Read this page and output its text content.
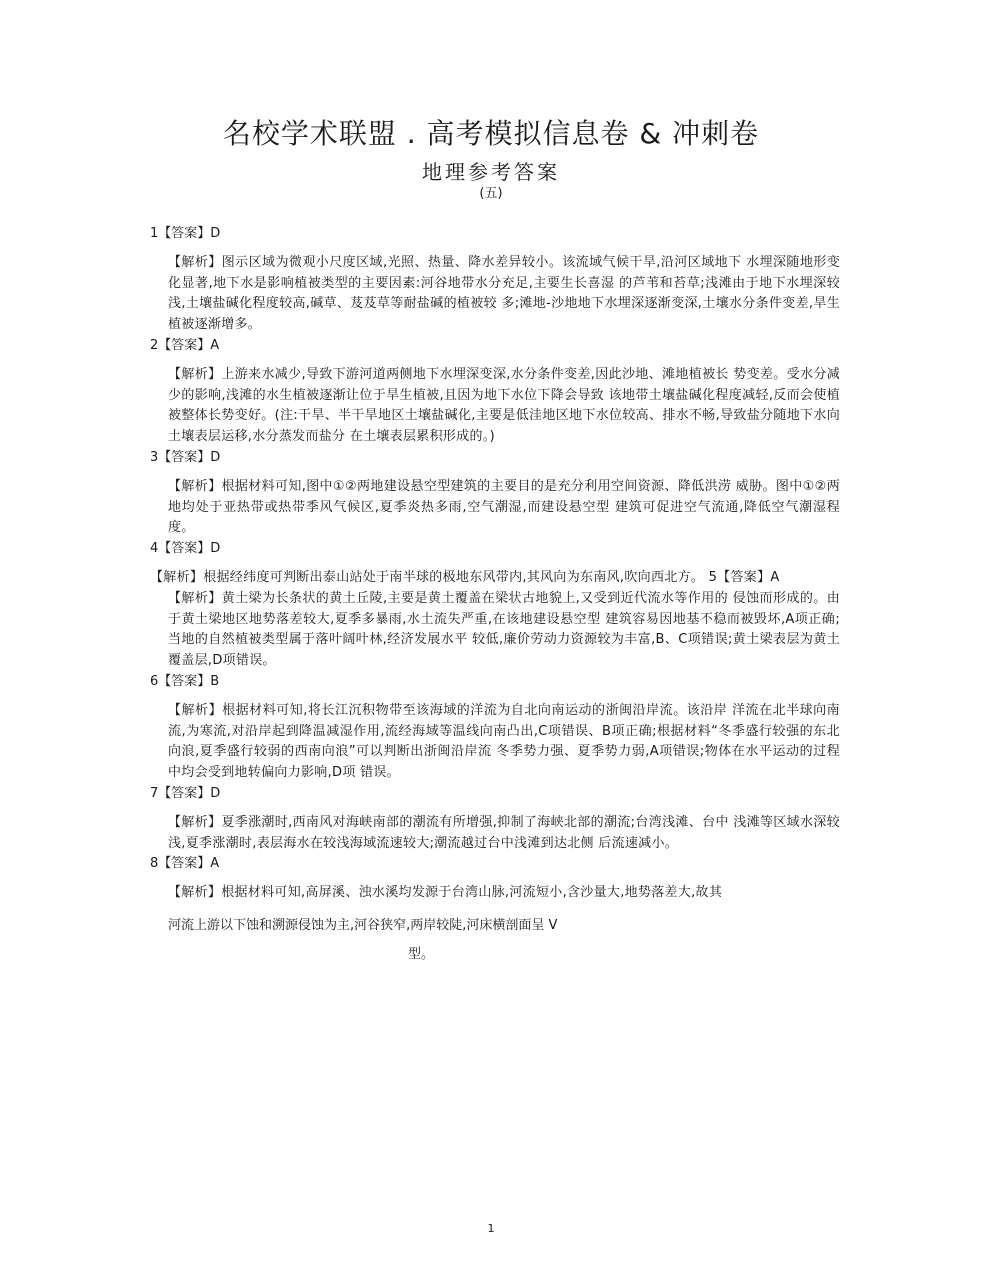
名校学术联盟 . 高考模拟信息卷 & 冲刺卷
地理参考答案
(五)

1【答案】D

【解析】图示区域为微观小尺度区域,光照、热量、降水差异较小。该流域气候干旱,沿河区域地下 水埋深随地形变化显著,地下水是影响植被类型的主要因素:河谷地带水分充足,主要生长喜湿 的芦苇和苔草;浅滩由于地下水埋深较浅,土壤盐碱化程度较高,碱草、芨芨草等耐盐碱的植被较 多;滩地-沙地地下水埋深逐渐变深,土壤水分条件变差,旱生植被逐渐增多。

2【答案】A

【解析】上游来水减少,导致下游河道两侧地下水埋深变深,水分条件变差,因此沙地、滩地植被长 势变差。受水分减少的影响,浅滩的水生植被逐渐让位于旱生植被,且因为地下水位下降会导致 该地带土壤盐碱化程度减轻,反而会使植被整体长势变好。(注:干旱、半干旱地区土壤盐碱化,主要是低洼地区地下水位较高、排水不畅,导致盐分随地下水向土壤表层运移,水分蒸发而盐分 在土壤表层累积形成的。)

3【答案】D

【解析】根据材料可知,图中①②两地建设悬空型建筑的主要目的是充分利用空间资源、降低洪涝 威胁。图中①②两地均处于亚热带或热带季风气候区,夏季炎热多雨,空气潮湿,而建设悬空型 建筑可促进空气流通,降低空气潮湿程度。

4【答案】D

【解析】根据经纬度可判断出泰山站处于南半球的极地东风带内,其风向为东南风,吹向西北方。 5【答案】A

【解析】黄土梁为长条状的黄土丘陵,主要是黄土覆盖在梁状古地貌上,又受到近代流水等作用的 侵蚀而形成的。由于黄土梁地区地势落差较大,夏季多暴雨,水土流失严重,在该地建设悬空型 建筑容易因地基不稳而被毁坏,A项正确;当地的自然植被类型属于落叶阔叶林,经济发展水平 较低,廉价劳动力资源较为丰富,B、C项错误;黄土梁表层为黄土覆盖层,D项错误。

6【答案】B

【解析】根据材料可知,将长江沉积物带至该海域的洋流为自北向南运动的浙闽沿岸流。该沿岸 洋流在北半球向南流,为寒流,对沿岸起到降温减湿作用,流经海域等温线向南凸出,C项错误、B项正确;根据材料“冬季盛行较强的东北向浪,夏季盛行较弱的西南向浪”可以判断出浙闽沿岸流 冬季势力强、夏季势力弱,A项错误;物体在水平运动的过程中均会受到地转偏向力影响,D项 错误。

7【答案】D

【解析】夏季涨潮时,西南风对海峡南部的潮流有所增强,抑制了海峡北部的潮流;台湾浅滩、台中 浅滩等区域水深较浅,夏季涨潮时,表层海水在较浅海域流速较大;潮流越过台中浅滩到达北侧 后流速减小。

8【答案】A

【解析】根据材料可知,高屏溪、浊水溪均发源于台湾山脉,河流短小,含沙量大,地势落差大,故其

河流上游以下蚀和溯源侵蚀为主,河谷狭窄,两岸较陡,河床横剖面呈 V

型。

1
